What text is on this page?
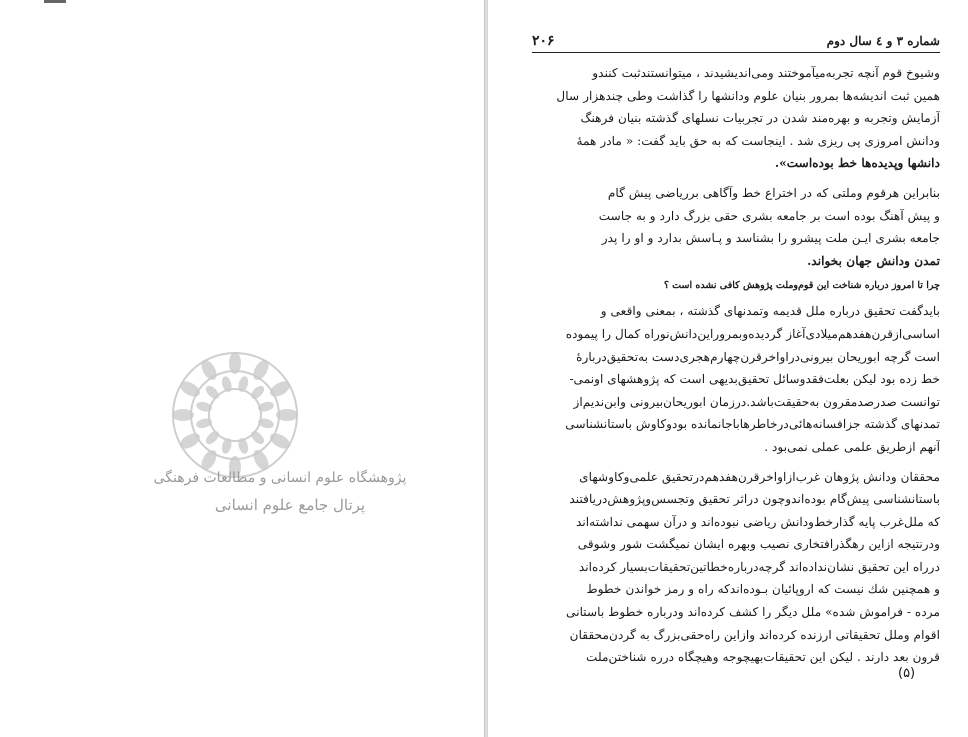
پژوهشگاه علوم انسانی و مطالعات فرهنگی
پرتال جامع علوم انسانی
شماره ۳ و ٤ سال دوم
۲۰۶
وشیوخ قوم آنچه تجربه‌میآموختند ومی‌اندیشیدند ، میتوانستندثبت کنندو
همین ثبت اندیشه‌ها بمرور بنیان علوم ودانشها را گذاشت وطی چندهزار سال
آزمایش وتجربه و بهره‌مند شدن در تجربیات نسلهای گذشته بنیان فرهنگ
ودانش امروزی پی ریزی شد . اینجاست که به حق باید گفت: « مادر همهٔ
دانشها وپدیده‌ها خط بوده‌است».
بنابراین هرقوم وملتی که در اختراع خط وآگاهی برریاضی پیش گام
و پیش آهنگ بوده است بر جامعه بشری حقی بزرگ دارد و به جاست
جامعه بشری ایـن ملت پیشرو را بشناسد و پـاسش بدارد و او را پدر
تمدن ودانش جهان بخواند.
چرا تا امروز درباره شناخت این قوم‌وملت پژوهش کافی نشده است ؟
بایدگفت تحقیق درباره ملل قدیمه وتمدنهای گذشته ، بمعنی واقعی و
اساسی‌ازقرن‌هفدهم‌میلادی‌آغاز گردیده‌وبمرور‌این‌دانش‌نوراه کمال را پیموده
است گرچه ابوریحان بیرونی‌دراواخرقرن‌چهارم‌هجری‌دست به‌تحقیق‌دربارهٔ
خط زده بود لیکن بعلت‌فقدوسائل تحقیق‌بدیهی است که پژوهشهای اونمی-
توانست صدرصدمقرون به‌حقیقت‌باشد.درزمان ابوریحان‌بیرونی وابن‌ندیم‌از
تمدنهای گذشته جزافسانه‌هائی‌درخاطرهاباجانمانده بودوکاوش باستانشناسی
آنهم ازطریق علمی عملی نمی‌بود .
محققان ودانش پژوهان غرب‌ازاواخرقرن‌هفدهم‌درتحقیق علمی‌وکاوشهای
باستانشناسی پیش‌گام بوده‌اندوچون دراثر تحقیق وتجسس‌وپژوهش‌دریافتند
که ملل‌غرب پایه گذارخط‌ودانش ریاضی نبوده‌اند و درآن سهمی نداشته‌اند
ودرنتیجه ازاین رهگذرافتخاری نصیب وبهره ایشان نمیگشت شور وشوقی
درراه این تحقیق نشان‌نداده‌اند گرچه‌درباره‌خطاتین‌تحقیقات‌بسیار کرده‌اند
و همچنین شك نیست که اروپائیان بـوده‌اندکه راه و رمز خواندن خطوط
مرده - فراموش شده» ملل دیگر را کشف کرده‌اند ودرباره خطوط باستانی
اقوام وملل تحقیقاتی ارزنده کرده‌اند وازاین راه‌حقی‌بزرگ به گردن‌محققان
قرون بعد دارند . لیکن این تحقیقات‌بهیچوجه وهیچگاه درره شناختن‌ملت
(۵)
